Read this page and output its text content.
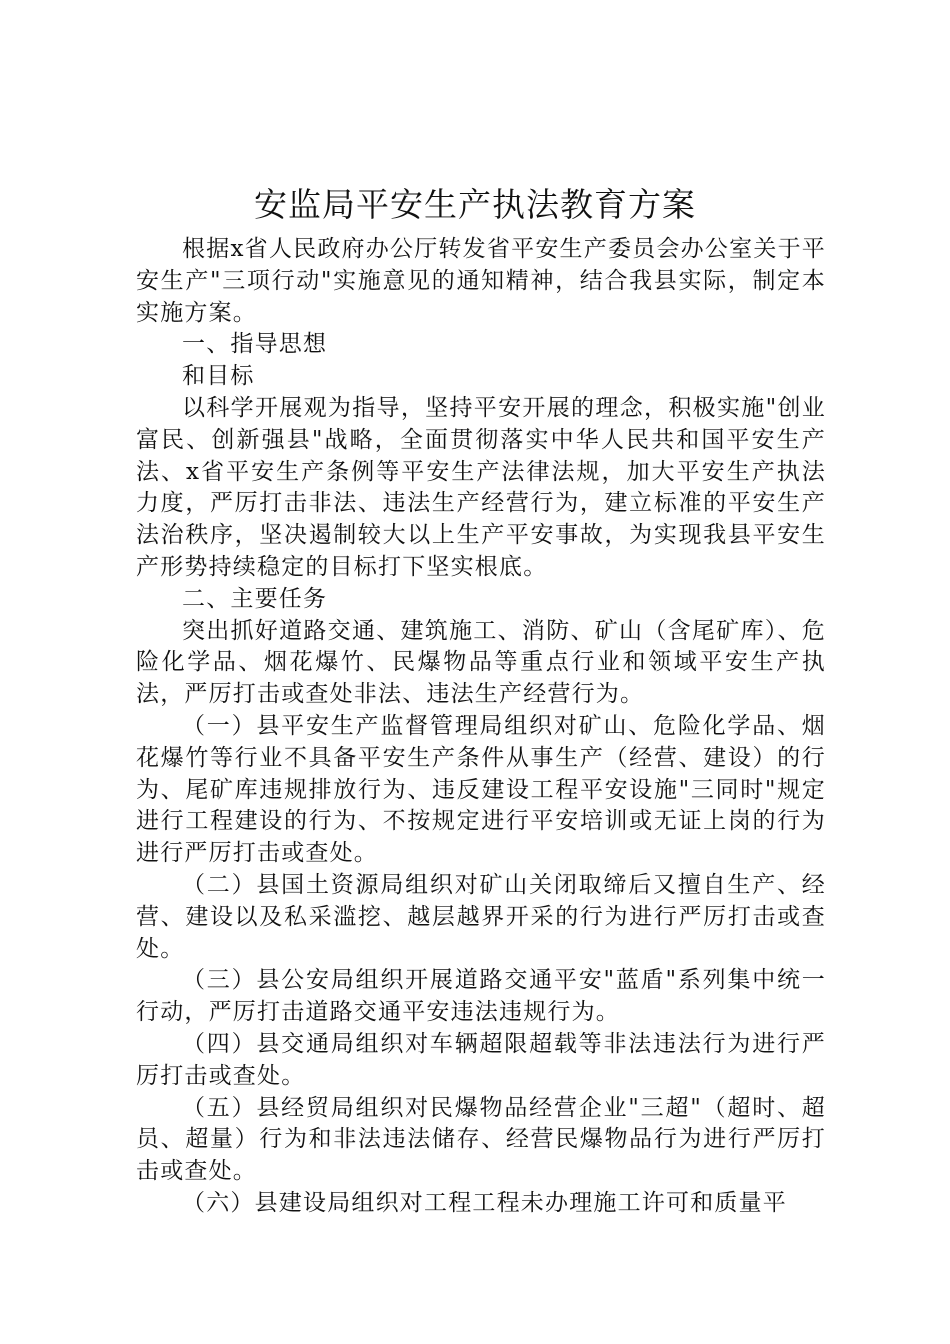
安监局平安生产执法教育方案

根据x省人民政府办公厅转发省平安生产委员会办公室关于平安生产"三项行动"实施意见的通知精神，结合我县实际，制定本实施方案。

一、指导思想

和目标

以科学开展观为指导，坚持平安开展的理念，积极实施"创业富民、创新强县"战略，全面贯彻落实中华人民共和国平安生产法、x省平安生产条例等平安生产法律法规，加大平安生产执法力度，严厉打击非法、违法生产经营行为，建立标准的平安生产法治秩序，坚决遏制较大以上生产平安事故，为实现我县平安生产形势持续稳定的目标打下坚实根底。

二、主要任务

突出抓好道路交通、建筑施工、消防、矿山（含尾矿库）、危险化学品、烟花爆竹、民爆物品等重点行业和领域平安生产执法，严厉打击或查处非法、违法生产经营行为。

（一）县平安生产监督管理局组织对矿山、危险化学品、烟花爆竹等行业不具备平安生产条件从事生产（经营、建设）的行为、尾矿库违规排放行为、违反建设工程平安设施"三同时"规定进行工程建设的行为、不按规定进行平安培训或无证上岗的行为进行严厉打击或查处。

（二）县国土资源局组织对矿山关闭取缔后又擅自生产、经营、建设以及私采滥挖、越层越界开采的行为进行严厉打击或查处。

（三）县公安局组织开展道路交通平安"蓝盾"系列集中统一行动，严厉打击道路交通平安违法违规行为。

（四）县交通局组织对车辆超限超载等非法违法行为进行严厉打击或查处。

（五）县经贸局组织对民爆物品经营企业"三超"（超时、超员、超量）行为和非法违法储存、经营民爆物品行为进行严厉打击或查处。

（六）县建设局组织对工程工程未办理施工许可和质量平
